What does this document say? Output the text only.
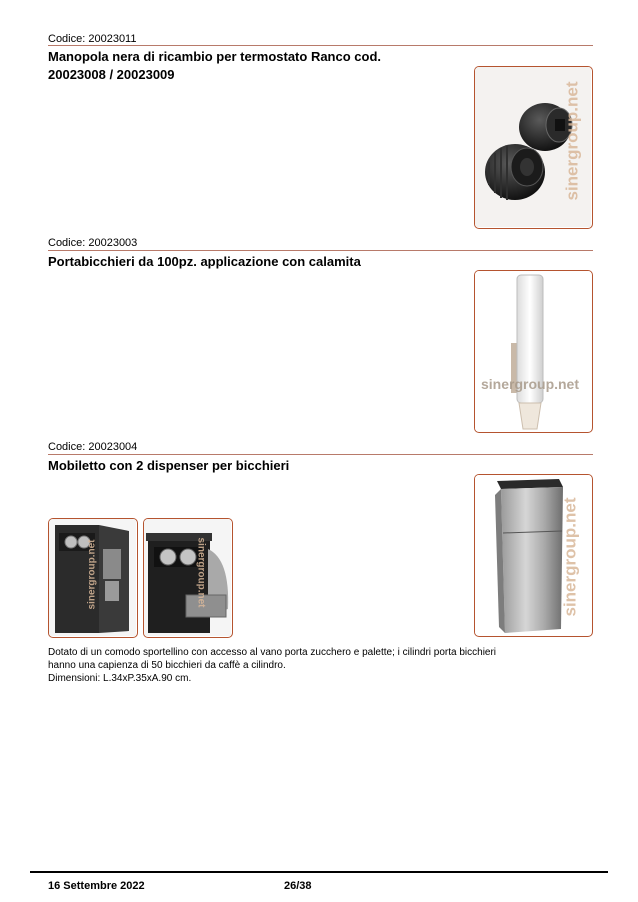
Codice: 20023011
Manopola nera di ricambio per termostato Ranco cod.
20023008 / 20023009
sinergroup.net
Codice: 20023003
Portabicchieri da 100pz. applicazione con calamita
sinergroup.net
Codice: 20023004
Mobiletto con 2 dispenser per bicchieri
sinergroup.net	sinergroup.net	sinergroup.net
Dotato di un comodo sportellino con accesso al vano porta zucchero e palette; i cilindri porta bicchieri
hanno una capienza di 50 bicchieri da caffè a cilindro.
Dimensioni: L.34xP.35xA.90 cm.
16 Settembre 2022	26/38
